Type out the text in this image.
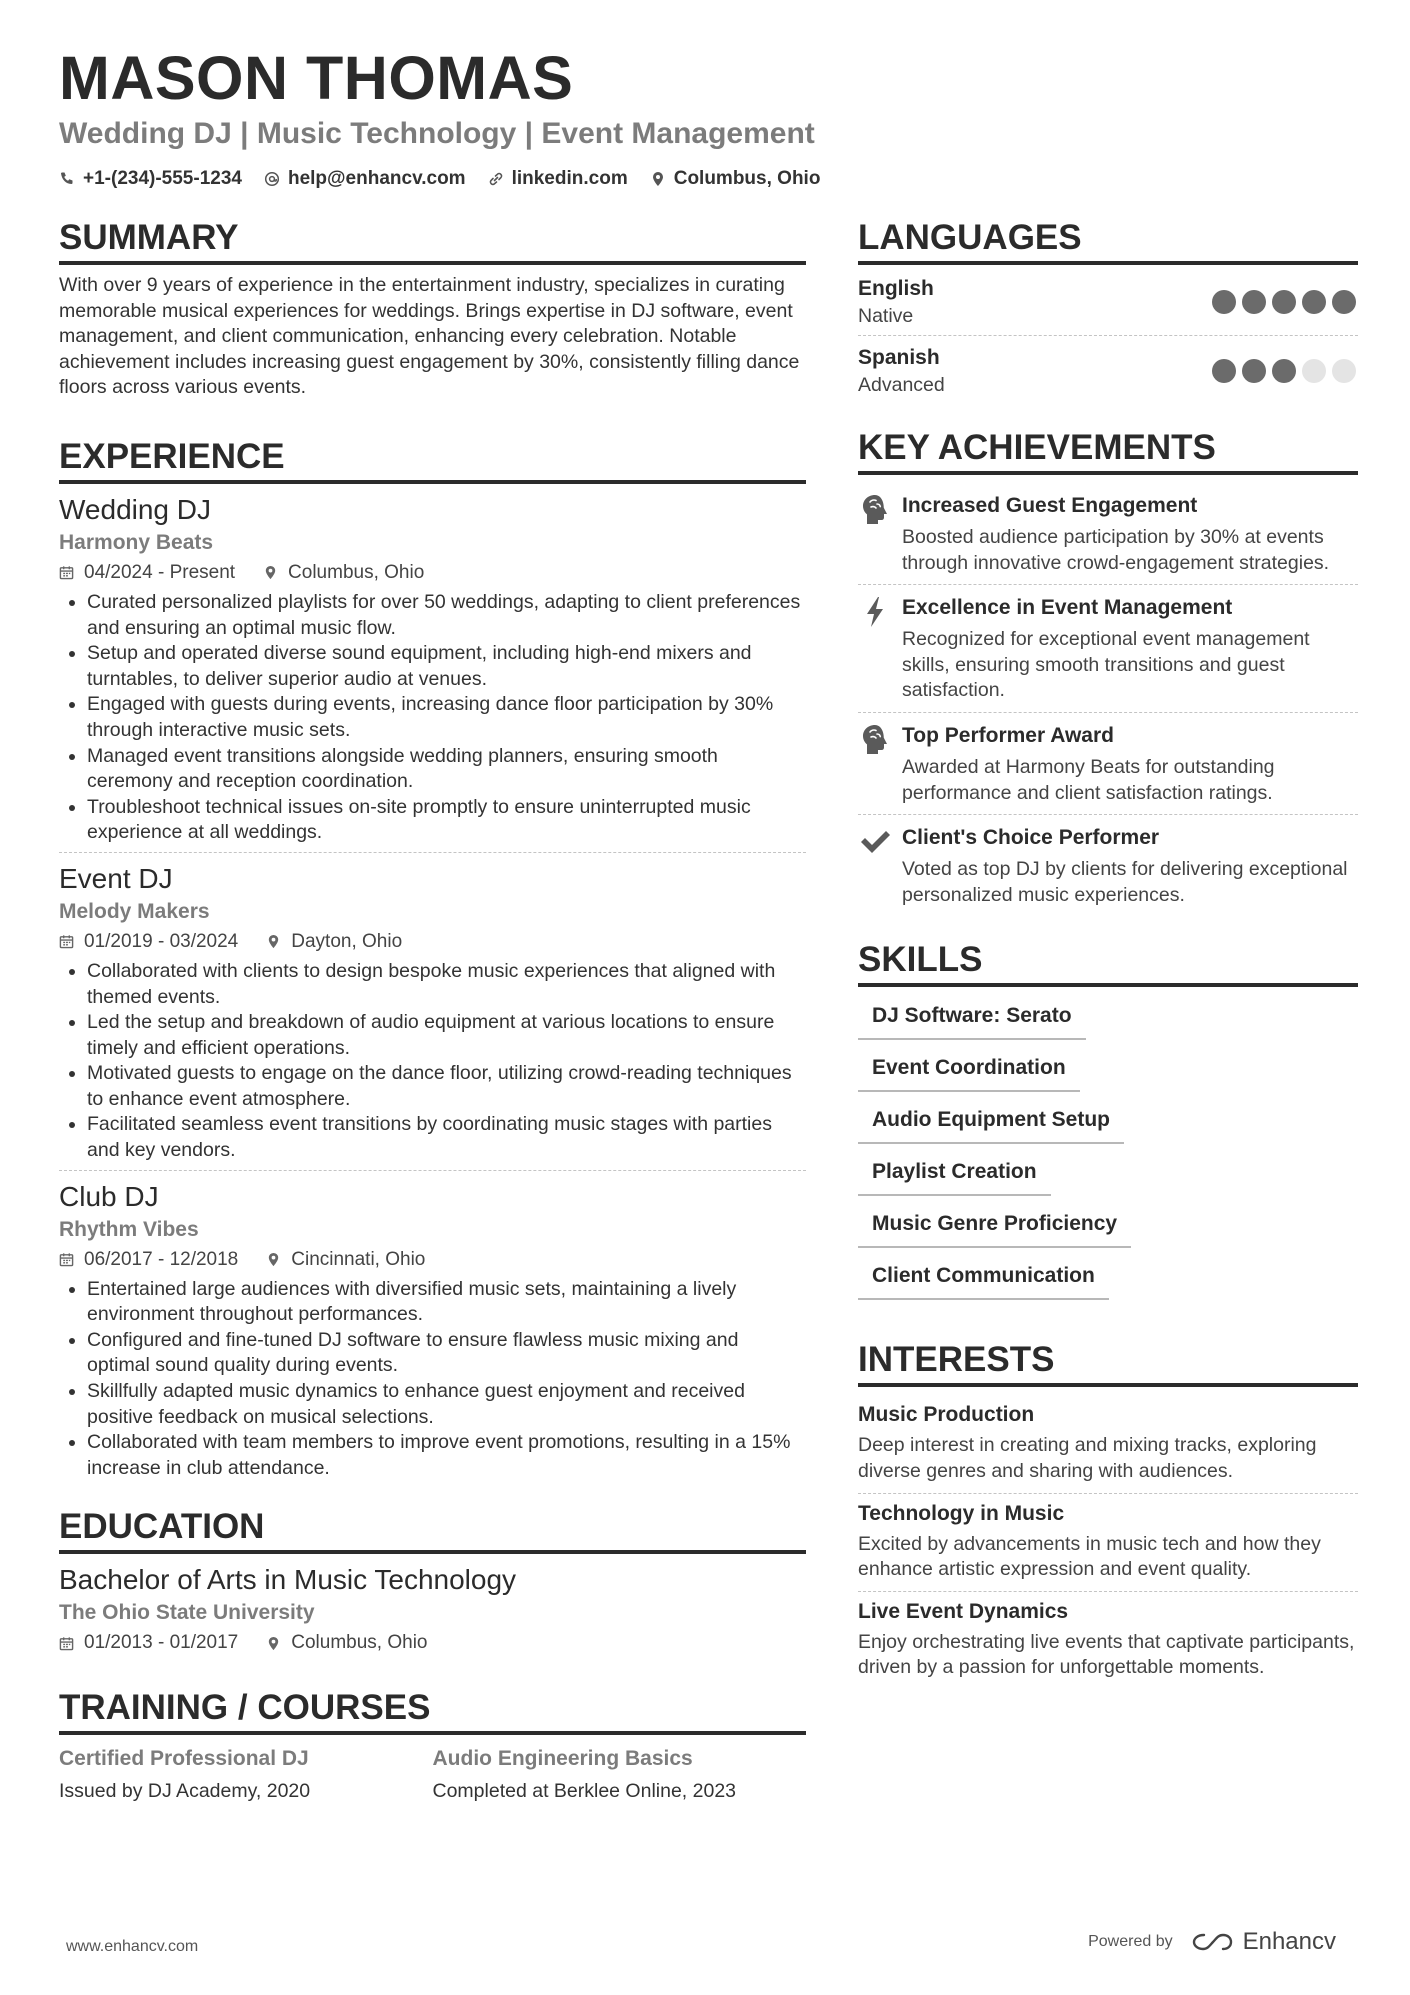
MASON THOMAS
Wedding DJ | Music Technology | Event Management
+1-(234)-555-1234 help@enhancv.com linkedin.com Columbus, Ohio
SUMMARY

With over 9 years of experience in the entertainment industry, specializes in curating memorable musical experiences for weddings. Brings expertise in DJ software, event management, and client communication, enhancing every celebration. Notable achievement includes increasing guest engagement by 30%, consistently filling dance floors across various events.

EXPERIENCE
Wedding DJ
Harmony Beats
04/2024 - Present	Columbus, Ohio
• Curated personalized playlists for over 50 weddings, adapting to client preferences and ensuring an optimal music flow.
• Setup and operated diverse sound equipment, including high-end mixers and turntables, to deliver superior audio at venues.
• Engaged with guests during events, increasing dance floor participation by 30% through interactive music sets.
• Managed event transitions alongside wedding planners, ensuring smooth ceremony and reception coordination.
• Troubleshoot technical issues on-site promptly to ensure uninterrupted music experience at all weddings.
Event DJ
Melody Makers
01/2019 - 03/2024	Dayton, Ohio
• Collaborated with clients to design bespoke music experiences that aligned with themed events.
• Led the setup and breakdown of audio equipment at various locations to ensure timely and efficient operations.
• Motivated guests to engage on the dance floor, utilizing crowd-reading techniques to enhance event atmosphere.
• Facilitated seamless event transitions by coordinating music stages with parties and key vendors.
Club DJ
Rhythm Vibes
06/2017 - 12/2018	Cincinnati, Ohio
• Entertained large audiences with diversified music sets, maintaining a lively environment throughout performances.
• Configured and fine-tuned DJ software to ensure flawless music mixing and optimal sound quality during events.
• Skillfully adapted music dynamics to enhance guest enjoyment and received positive feedback on musical selections.
• Collaborated with team members to improve event promotions, resulting in a 15% increase in club attendance.
EDUCATION
Bachelor of Arts in Music Technology
The Ohio State University
01/2013 - 01/2017	Columbus, Ohio
TRAINING / COURSES
Certified Professional DJ
Issued by DJ Academy, 2020
Audio Engineering Basics
Completed at Berklee Online, 2023
LANGUAGES
English
Native
Spanish
Advanced
KEY ACHIEVEMENTS
Increased Guest Engagement
Boosted audience participation by 30% at events through innovative crowd-engagement strategies.
Excellence in Event Management
Recognized for exceptional event management skills, ensuring smooth transitions and guest satisfaction.
Top Performer Award
Awarded at Harmony Beats for outstanding performance and client satisfaction ratings.
Client's Choice Performer
Voted as top DJ by clients for delivering exceptional personalized music experiences.
SKILLS
DJ Software: Serato
Event Coordination
Audio Equipment Setup
Playlist Creation
Music Genre Proficiency
Client Communication
INTERESTS
Music Production
Deep interest in creating and mixing tracks, exploring diverse genres and sharing with audiences.
Technology in Music
Excited by advancements in music tech and how they enhance artistic expression and event quality.
Live Event Dynamics
Enjoy orchestrating live events that captivate participants, driven by a passion for unforgettable moments.
www.enhancv.com	Powered by	Enhancv
